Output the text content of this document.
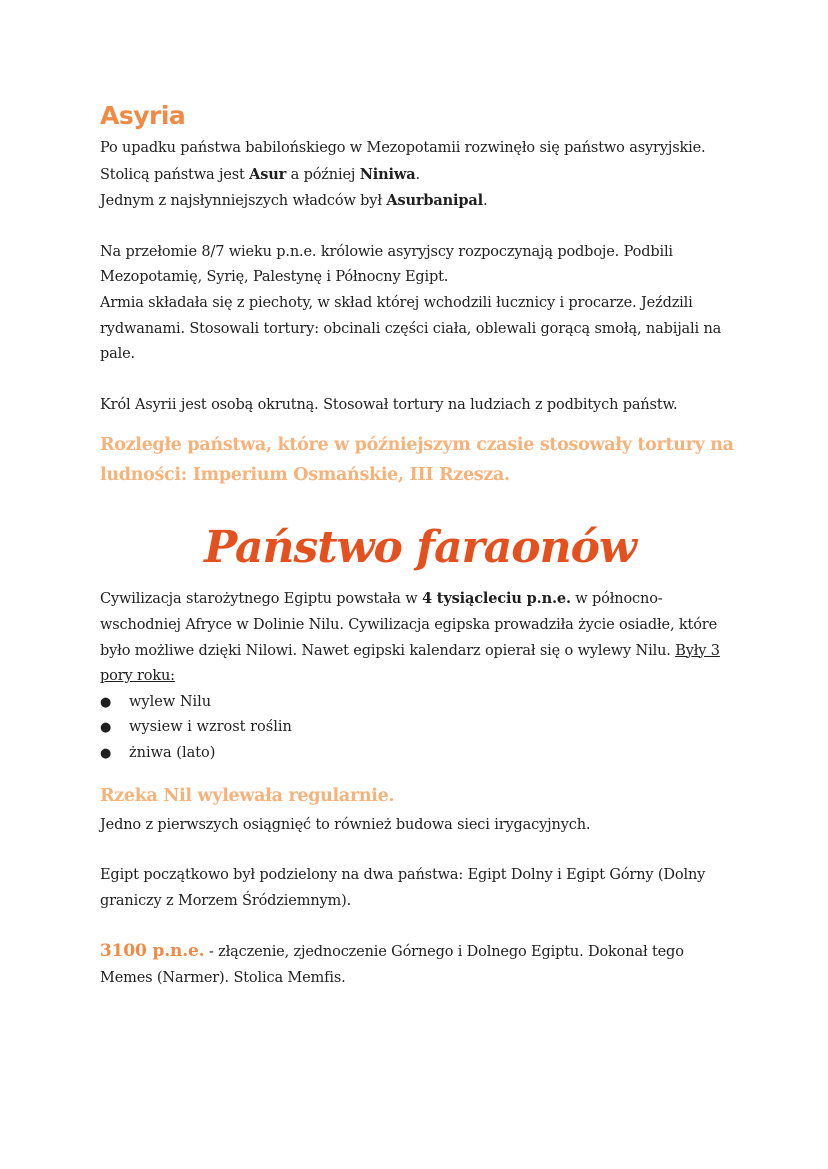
Asyria

Po upadku państwa babilońskiego w Mezopotamii rozwinęło się państwo asyryjskie.
Stolicą państwa jest Asur a później Niniwa.
Jednym z najsłynniejszych władców był Asurbanipal.

Na przełomie 8/7 wieku p.n.e. królowie asyryjscy rozpoczynają podboje. Podbili Mezopotamię, Syrię, Palestynę i Północny Egipt.
Armia składała się z piechoty, w skład której wchodzili łucznicy i procarze. Jeździli rydwanami. Stosowali tortury: obcinali części ciała, oblewali gorącą smołą, nabijali na pale.

Król Asyrii jest osobą okrutną. Stosował tortury na ludziach z podbitych państw.

Rozległe państwa, które w późniejszym czasie stosowały tortury na ludności: Imperium Osmańskie, III Rzesza.

Państwo faraonów

Cywilizacja starożytnego Egiptu powstała w 4 tysiącleciu p.n.e. w północno-wschodniej Afryce w Dolinie Nilu. Cywilizacja egipska prowadziła życie osiadłe, które było możliwe dzięki Nilowi. Nawet egipski kalendarz opierał się o wylewy Nilu. Były 3 pory roku:

● wylew Nilu
● wysiew i wzrost roślin
● żniwa (lato)

Rzeka Nil wylewała regularnie.

Jedno z pierwszych osiągnięć to również budowa sieci irygacyjnych.

Egipt początkowo był podzielony na dwa państwa: Egipt Dolny i Egipt Górny (Dolny graniczy z Morzem Śródziemnym).

3100 p.n.e. - złączenie, zjednoczenie Górnego i Dolnego Egiptu. Dokonał tego Memes (Narmer). Stolica Memfis.
